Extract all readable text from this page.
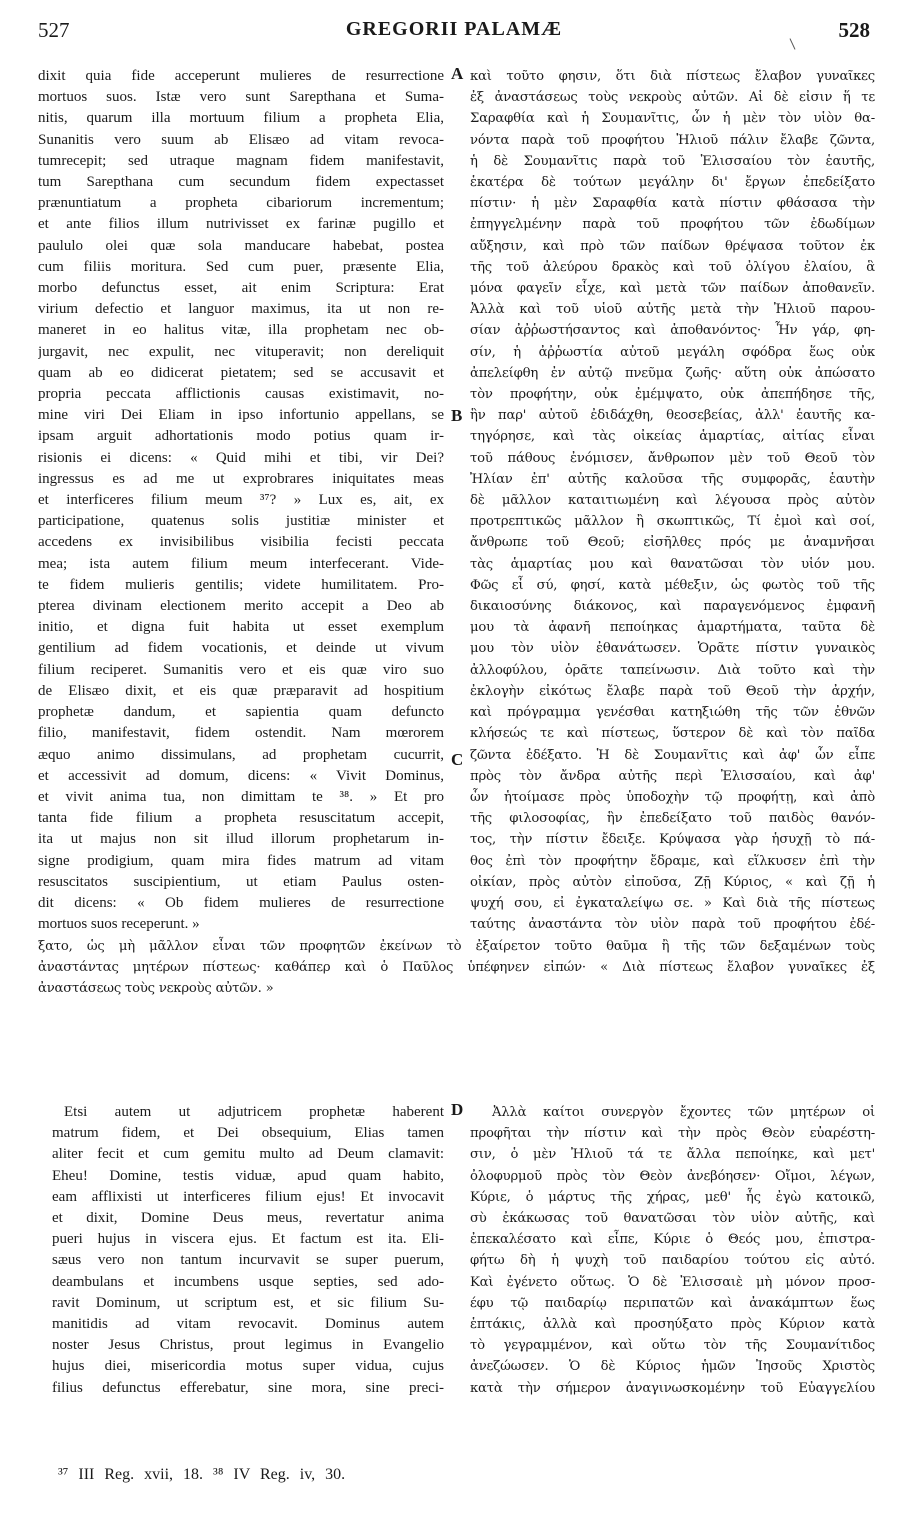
527	GREGORII PALAMÆ	528
A
B
C
D

dixit quia fide acceperunt mulieres de resurrectione

mortuos suos. Istæ vero sunt Sarepthana et Suma-

nitis, quarum illa mortuum filium a propheta Elia,

Sunanitis vero suum ab Elisæo ad vitam revoca-

tumrecepit; sed utraque magnam fidem manifestavit,

tum Sarepthana cum secundum fidem expectasset

prænuntiatum a propheta cibariorum incrementum;

et ante filios illum nutrivisset ex farinæ pugillo et

paululo olei quæ sola manducare habebat, postea

cum filiis moritura. Sed cum puer, præsente Elia,

morbo defunctus esset, ait enim Scriptura: Erat

virium defectio et languor maximus, ita ut non re-

maneret in eo halitus vitæ, illa prophetam nec ob-

jurgavit, nec expulit, nec vituperavit; non dereliquit

quam ab eo didicerat pietatem; sed se accusavit et

propria peccata afflictionis causas existimavit, no-

mine viri Dei Eliam in ipso infortunio appellans, se

ipsam arguit adhortationis modo potius quam ir-

risionis ei dicens: « Quid mihi et tibi, vir Dei?

ingressus es ad me ut exprobrares iniquitates meas

et interficeres filium meum ³⁷? » Lux es, ait, ex

participatione, quatenus solis justitiæ minister et

accedens ex invisibilibus visibilia fecisti peccata

mea; ista autem filium meum interfecerant. Vide-

te fidem mulieris gentilis; videte humilitatem. Pro-

pterea divinam electionem merito accepit a Deo ab

initio, et digna fuit habita ut esset exemplum

gentilium ad fidem vocationis, et deinde ut vivum

filium reciperet. Sumanitis vero et eis quæ viro suo

de Elisæo dixit, et eis quæ præparavit ad hospitium

prophetæ dandum, et sapientia quam defuncto

filio, manifestavit, fidem ostendit. Nam mœrorem

æquo animo dissimulans, ad prophetam cucurrit,

et accessivit ad domum, dicens: « Vivit Dominus,

et vivit anima tua, non dimittam te ³⁸. » Et pro

tanta fide filium a propheta resuscitatum accepit,

ita ut majus non sit illud illorum prophetarum in-

signe prodigium, quam mira fides matrum ad vitam

resuscitatos suscipientium, ut etiam Paulus osten-

dit dicens: « Ob fidem mulieres de resurrectione

mortuos suos receperunt. »

καὶ τοῦτο φησιν, ὅτι διὰ πίστεως ἔλαβον γυναῖκες

ἐξ ἀναστάσεως τοὺς νεκροὺς αὐτῶν. Αἱ δὲ εἰσιν ἥ τε

Σαραφθία καὶ ἡ Σουμανῖτις, ὧν ἡ μὲν τὸν υἱὸν θα-

νόντα παρὰ τοῦ προφήτου Ἠλιοῦ πάλιν ἔλαβε ζῶντα,

ἡ δὲ Σουμανῖτις παρὰ τοῦ Ἐλισσαίου τὸν ἑαυτῆς,

ἑκατέρα δὲ τούτων μεγάλην δι' ἔργων ἐπεδείξατο

πίστιν· ἡ μὲν Σαραφθία κατὰ πίστιν φθάσασα τὴν

ἐπηγγελμένην παρὰ τοῦ προφήτου τῶν ἐδωδίμων

αὔξησιν, καὶ πρὸ τῶν παίδων θρέψασα τοῦτον ἐκ

τῆς τοῦ ἀλεύρου δρακὸς καὶ τοῦ ὀλίγου ἐλαίου, ἃ

μόνα φαγεῖν εἶχε, καὶ μετὰ τῶν παίδων ἀποθανεῖν.

Ἀλλὰ καὶ τοῦ υἱοῦ αὐτῆς μετὰ τὴν Ἠλιοῦ παρου-

σίαν ἀῤῥωστήσαντος καὶ ἀποθανόντος· Ἦν γάρ, φη-

σίν, ἡ ἀῤῥωστία αὐτοῦ μεγάλη σφόδρα ἕως οὐκ

ἀπελείφθη ἐν αὐτῷ πνεῦμα ζωῆς· αὕτη οὐκ ἀπώσατο

τὸν προφήτην, οὐκ ἐμέμψατο, οὐκ ἀπεπήδησε τῆς,

ἣν παρ' αὐτοῦ ἐδιδάχθη, θεοσεβείας, ἀλλ' ἑαυτῆς κα-

τηγόρησε, καὶ τὰς οἰκείας ἁμαρτίας, αἰτίας εἶναι

τοῦ πάθους ἐνόμισεν, ἄνθρωπον μὲν τοῦ Θεοῦ τὸν

Ἠλίαν ἐπ' αὐτῆς καλοῦσα τῆς συμφορᾶς, ἑαυτὴν

δὲ μᾶλλον καταιτιωμένη καὶ λέγουσα πρὸς αὐτὸν

προτρεπτικῶς μᾶλλον ἢ σκωπτικῶς, Τί ἐμοὶ καὶ σοί,

ἄνθρωπε τοῦ Θεοῦ; εἰσῆλθες πρός με ἀναμνῆσαι

τὰς ἁμαρτίας μου καὶ θανατῶσαι τὸν υἱόν μου.

Φῶς εἶ σύ, φησί, κατὰ μέθεξιν, ὡς φωτὸς τοῦ τῆς

δικαιοσύνης διάκονος, καὶ παραγενόμενος ἐμφανῆ

μου τὰ ἀφανῆ πεποίηκας ἁμαρτήματα, ταῦτα δὲ

μου τὸν υἱὸν ἐθανάτωσεν. Ὁρᾶτε πίστιν γυναικὸς

ἀλλοφύλου, ὁρᾶτε ταπείνωσιν. Διὰ τοῦτο καὶ τὴν

ἐκλογὴν εἰκότως ἔλαβε παρὰ τοῦ Θεοῦ τὴν ἀρχήν,

καὶ πρόγραμμα γενέσθαι κατηξιώθη τῆς τῶν ἐθνῶν

κλήσεώς τε καὶ πίστεως, ὕστερον δὲ καὶ τὸν παῖδα

ζῶντα ἐδέξατο. Ἡ δὲ Σουμανῖτις καὶ ἀφ' ὧν εἶπε

πρὸς τὸν ἄνδρα αὐτῆς περὶ Ἐλισσαίου, καὶ ἀφ'

ὧν ἡτοίμασε πρὸς ὑποδοχὴν τῷ προφήτῃ, καὶ ἀπὸ

τῆς φιλοσοφίας, ἣν ἐπεδείξατο τοῦ παιδὸς θανόν-

τος, τὴν πίστιν ἔδειξε. Κρύψασα γὰρ ἡσυχῇ τὸ πά-

θος ἐπὶ τὸν προφήτην ἔδραμε, καὶ εἵλκυσεν ἐπὶ τὴν

οἰκίαν, πρὸς αὐτὸν εἰποῦσα, Ζῇ Κύριος, « καὶ ζῇ ἡ

ψυχή σου, εἰ ἐγκαταλείψω σε. » Καὶ διὰ τῆς πίστεως

ταύτης ἀναστάντα τὸν υἱὸν παρὰ τοῦ προφήτου ἐδέ-

ξατο, ὡς μὴ μᾶλλον εἶναι τῶν προφητῶν ἐκείνων τὸ ἐξαίρετον τοῦτο θαῦμα ἢ τῆς τῶν δεξαμένων τοὺς

ἀναστάντας μητέρων πίστεως· καθάπερ καὶ ὁ Παῦλος ὑπέφηνεν εἰπών· « Διὰ πίστεως ἔλαβον γυναῖκες ἐξ

ἀναστάσεως τοὺς νεκροὺς αὐτῶν. »

Etsi autem ut adjutricem prophetæ haberent

matrum fidem, et Dei obsequium, Elias tamen

aliter fecit et cum gemitu multo ad Deum clamavit:

Eheu! Domine, testis viduæ, apud quam habito,

eam afflixisti ut interficeres filium ejus! Et invocavit

et dixit, Domine Deus meus, revertatur anima

pueri hujus in viscera ejus. Et factum est ita. Eli-

sæus vero non tantum incurvavit se super puerum,

deambulans et incumbens usque septies, sed ado-

ravit Dominum, ut scriptum est, et sic filium Su-

manitidis ad vitam revocavit. Dominus autem

noster Jesus Christus, prout legimus in Evangelio

hujus diei, misericordia motus super vidua, cujus

filius defunctus efferebatur, sine mora, sine preci-

Ἀλλὰ καίτοι συνεργὸν ἔχοντες τῶν μητέρων οἱ

προφῆται τὴν πίστιν καὶ τὴν πρὸς Θεὸν εὐαρέστη-

σιν, ὁ μὲν Ἠλιοῦ τά τε ἄλλα πεποίηκε, καὶ μετ'

ὀλοφυρμοῦ πρὸς τὸν Θεὸν ἀνεβόησεν· Οἴμοι, λέγων,

Κύριε, ὁ μάρτυς τῆς χήρας, μεθ' ἧς ἐγὼ κατοικῶ,

σὺ ἐκάκωσας τοῦ θανατῶσαι τὸν υἱὸν αὐτῆς, καὶ

ἐπεκαλέσατο καὶ εἶπε, Κύριε ὁ Θεός μου, ἐπιστρα-

φήτω δὴ ἡ ψυχὴ τοῦ παιδαρίου τούτου εἰς αὐτό.

Καὶ ἐγένετο οὕτως. Ὁ δὲ Ἐλισσαιὲ μὴ μόνον προσ-

έφυ τῷ παιδαρίῳ περιπατῶν καὶ ἀνακάμπτων ἕως

ἑπτάκις, ἀλλὰ καὶ προσηύξατο πρὸς Κύριον κατὰ

τὸ γεγραμμένον, καὶ οὕτω τὸν τῆς Σουμανίτιδος

ἀνεζώωσεν. Ὁ δὲ Κύριος ἡμῶν Ἰησοῦς Χριστὸς

κατὰ τὴν σήμερον ἀναγινωσκομένην τοῦ Εὐαγγελίου

³⁷ III Reg. xvii, 18. ³⁸ IV Reg. iv, 30.
